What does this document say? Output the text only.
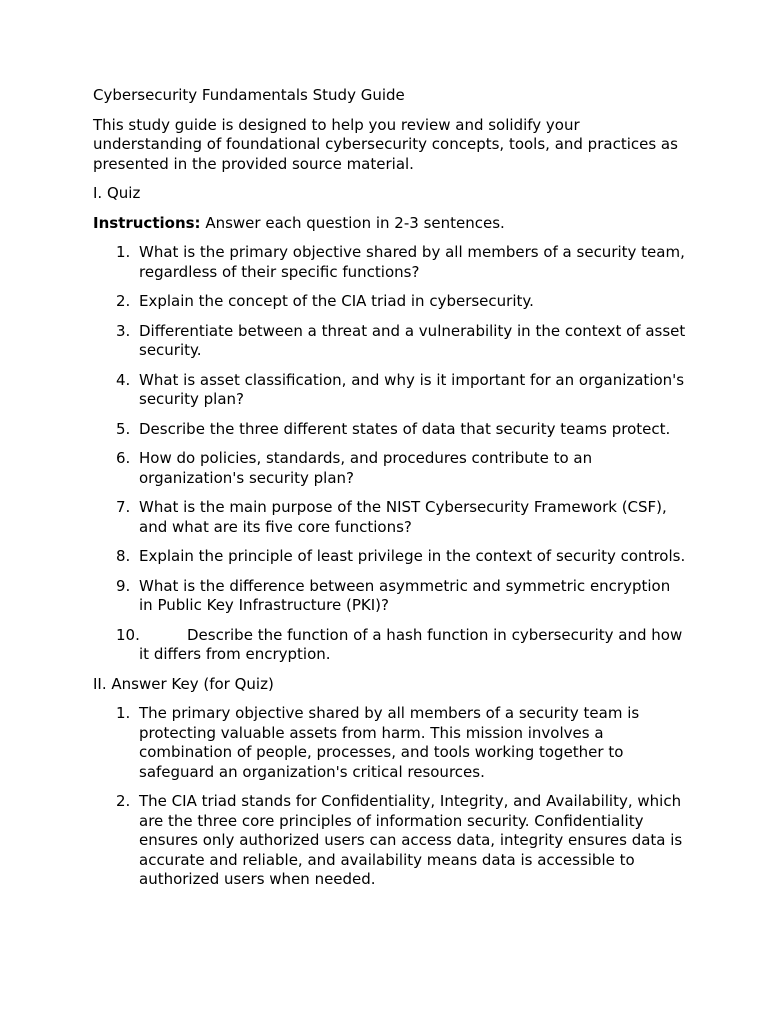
Cybersecurity Fundamentals Study Guide

This study guide is designed to help you review and solidify your understanding of foundational cybersecurity concepts, tools, and practices as presented in the provided source material.

I. Quiz

Instructions: Answer each question in 2-3 sentences.

1. What is the primary objective shared by all members of a security team, regardless of their specific functions?
2. Explain the concept of the CIA triad in cybersecurity.
3. Differentiate between a threat and a vulnerability in the context of asset security.
4. What is asset classification, and why is it important for an organization's security plan?
5. Describe the three different states of data that security teams protect.
6. How do policies, standards, and procedures contribute to an organization's security plan?
7. What is the main purpose of the NIST Cybersecurity Framework (CSF), and what are its five core functions?
8. Explain the principle of least privilege in the context of security controls.
9. What is the difference between asymmetric and symmetric encryption in Public Key Infrastructure (PKI)?
10.	Describe the function of a hash function in cybersecurity and how it differs from encryption.

II. Answer Key (for Quiz)

1. The primary objective shared by all members of a security team is protecting valuable assets from harm. This mission involves a combination of people, processes, and tools working together to safeguard an organization's critical resources.
2. The CIA triad stands for Confidentiality, Integrity, and Availability, which are the three core principles of information security. Confidentiality ensures only authorized users can access data, integrity ensures data is accurate and reliable, and availability means data is accessible to authorized users when needed.
